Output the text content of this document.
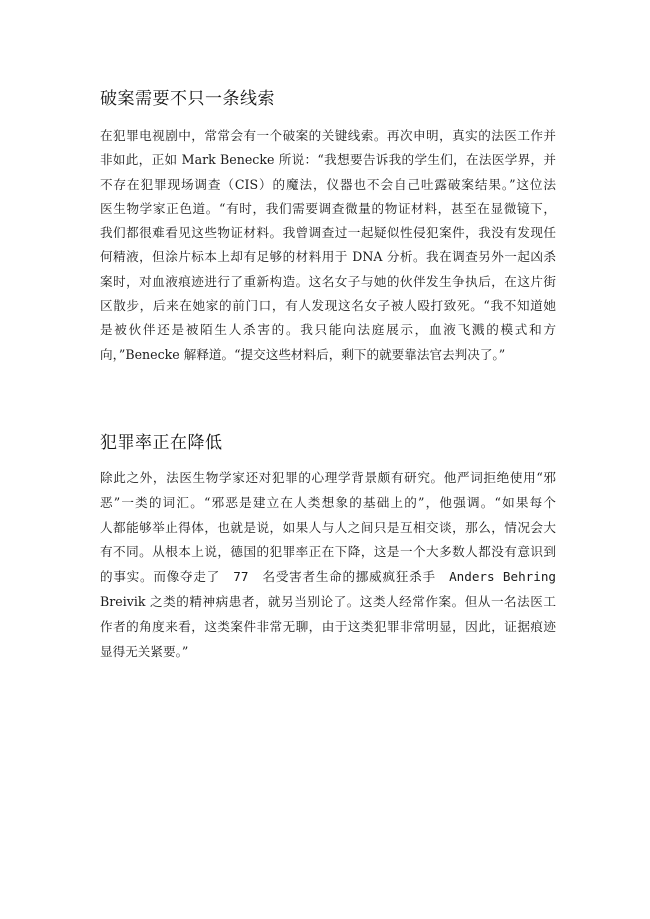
破案需要不只一条线索
在犯罪电视剧中，常常会有一个破案的关键线索。再次申明，真实的法医工作并
非如此，正如 Mark Benecke 所说：“我想要告诉我的学生们，在法医学界，并
不存在犯罪现场调查（CIS）的魔法，仪器也不会自己吐露破案结果。”这位法
医生物学家正色道。“有时，我们需要调查微量的物证材料，甚至在显微镜下，
我们都很难看见这些物证材料。我曾调查过一起疑似性侵犯案件，我没有发现任
何精液，但涂片标本上却有足够的材料用于 DNA 分析。我在调查另外一起凶杀
案时，对血液痕迹进行了重新构造。这名女子与她的伙伴发生争执后，在这片街
区散步，后来在她家的前门口，有人发现这名女子被人殴打致死。“我不知道她
是被伙伴还是被陌生人杀害的。我只能向法庭展示，血液飞溅的模式和方
向，”Benecke 解释道。“提交这些材料后，剩下的就要靠法官去判决了。”
犯罪率正在降低
除此之外，法医生物学家还对犯罪的心理学背景颇有研究。他严词拒绝使用“邪
恶”一类的词汇。“邪恶是建立在人类想象的基础上的”，他强调。“如果每个
人都能够举止得体，也就是说，如果人与人之间只是互相交谈，那么，情况会大
有不同。从根本上说，德国的犯罪率正在下降，这是一个大多数人都没有意识到
的事实。而像夺走了　77　名受害者生命的挪威疯狂杀手　Anders Behring
Breivik 之类的精神病患者，就另当别论了。这类人经常作案。但从一名法医工
作者的角度来看，这类案件非常无聊，由于这类犯罪非常明显，因此，证据痕迹
显得无关紧要。”
